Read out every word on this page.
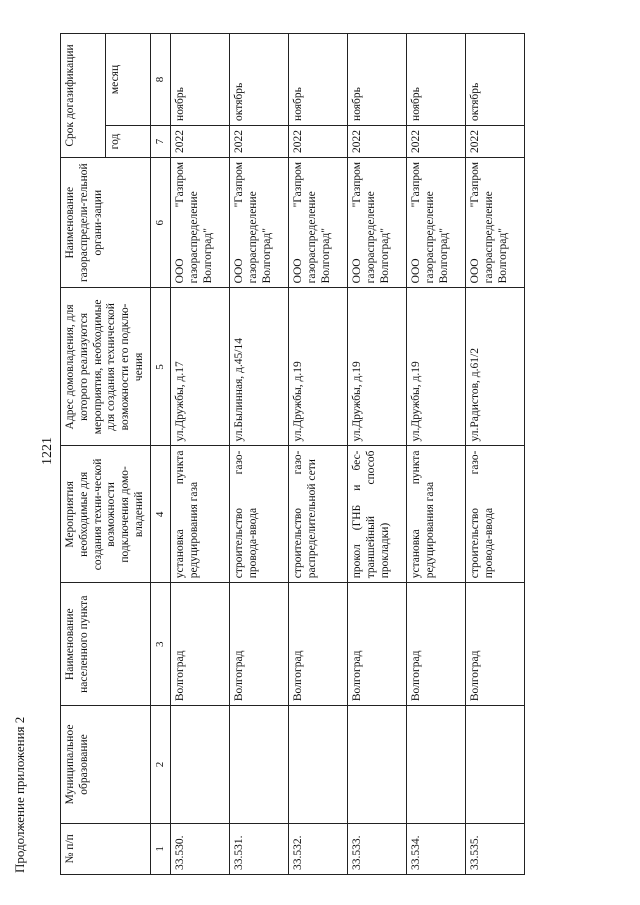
Продолжение приложения 2
1221
№ п/п	Муниципальное образование	Наименование населенного пункта	Мероприятия необходимые для создания техни-ческой возможности подключения домо-владений	Адрес домовладения, для которого реализуются мероприятия, необходимые для создания технической возможности его подклю-чения	Наименование газораспредели-тельной органи-зации	Срок догазификации	
						год	месяц
1	2	3	4	5	6	7	8
33.530.		Волгоград	установка пункта редуцирования газа	ул.Дружбы, д.17	ООО "Газпром газораспределение Волгоград"	2022	ноябрь
33.531.		Волгоград	строительство газо-провода-ввода	ул.Былинная, д.45/14	ООО "Газпром газораспределение Волгоград"	2022	октябрь
33.532.		Волгоград	строительство газо-распределительной сети	ул.Дружбы, д.19	ООО "Газпром газораспределение Волгоград"	2022	ноябрь
33.533.		Волгоград	прокол (ГНБ и бес-траншейный способ прокладки)	ул.Дружбы, д.19	ООО "Газпром газораспределение Волгоград"	2022	ноябрь
33.534.		Волгоград	установка пункта редуцирования газа	ул.Дружбы, д.19	ООО "Газпром газораспределение Волгоград"	2022	ноябрь
33.535.		Волгоград	строительство газо-провода-ввода	ул.Радистов, д.61/2	ООО "Газпром газораспределение Волгоград"	2022	октябрь
